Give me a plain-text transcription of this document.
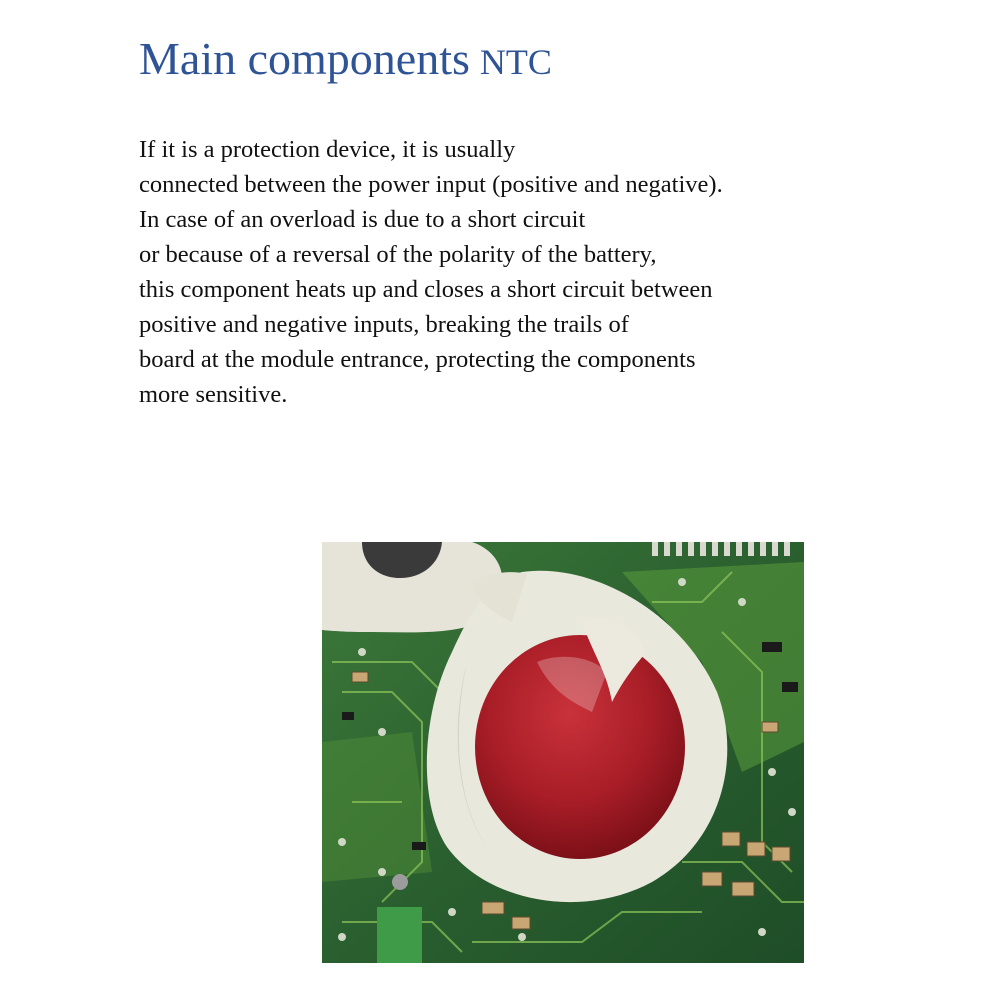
Main components NTC
If it is a protection device, it is usually
connected between the power input (positive and negative).
In case of an overload is due to a short circuit
or because of a reversal of the polarity of the battery,
this component heats up and closes a short circuit between
positive and negative inputs, breaking the trails of
board at the module entrance, protecting the components
more sensitive.
